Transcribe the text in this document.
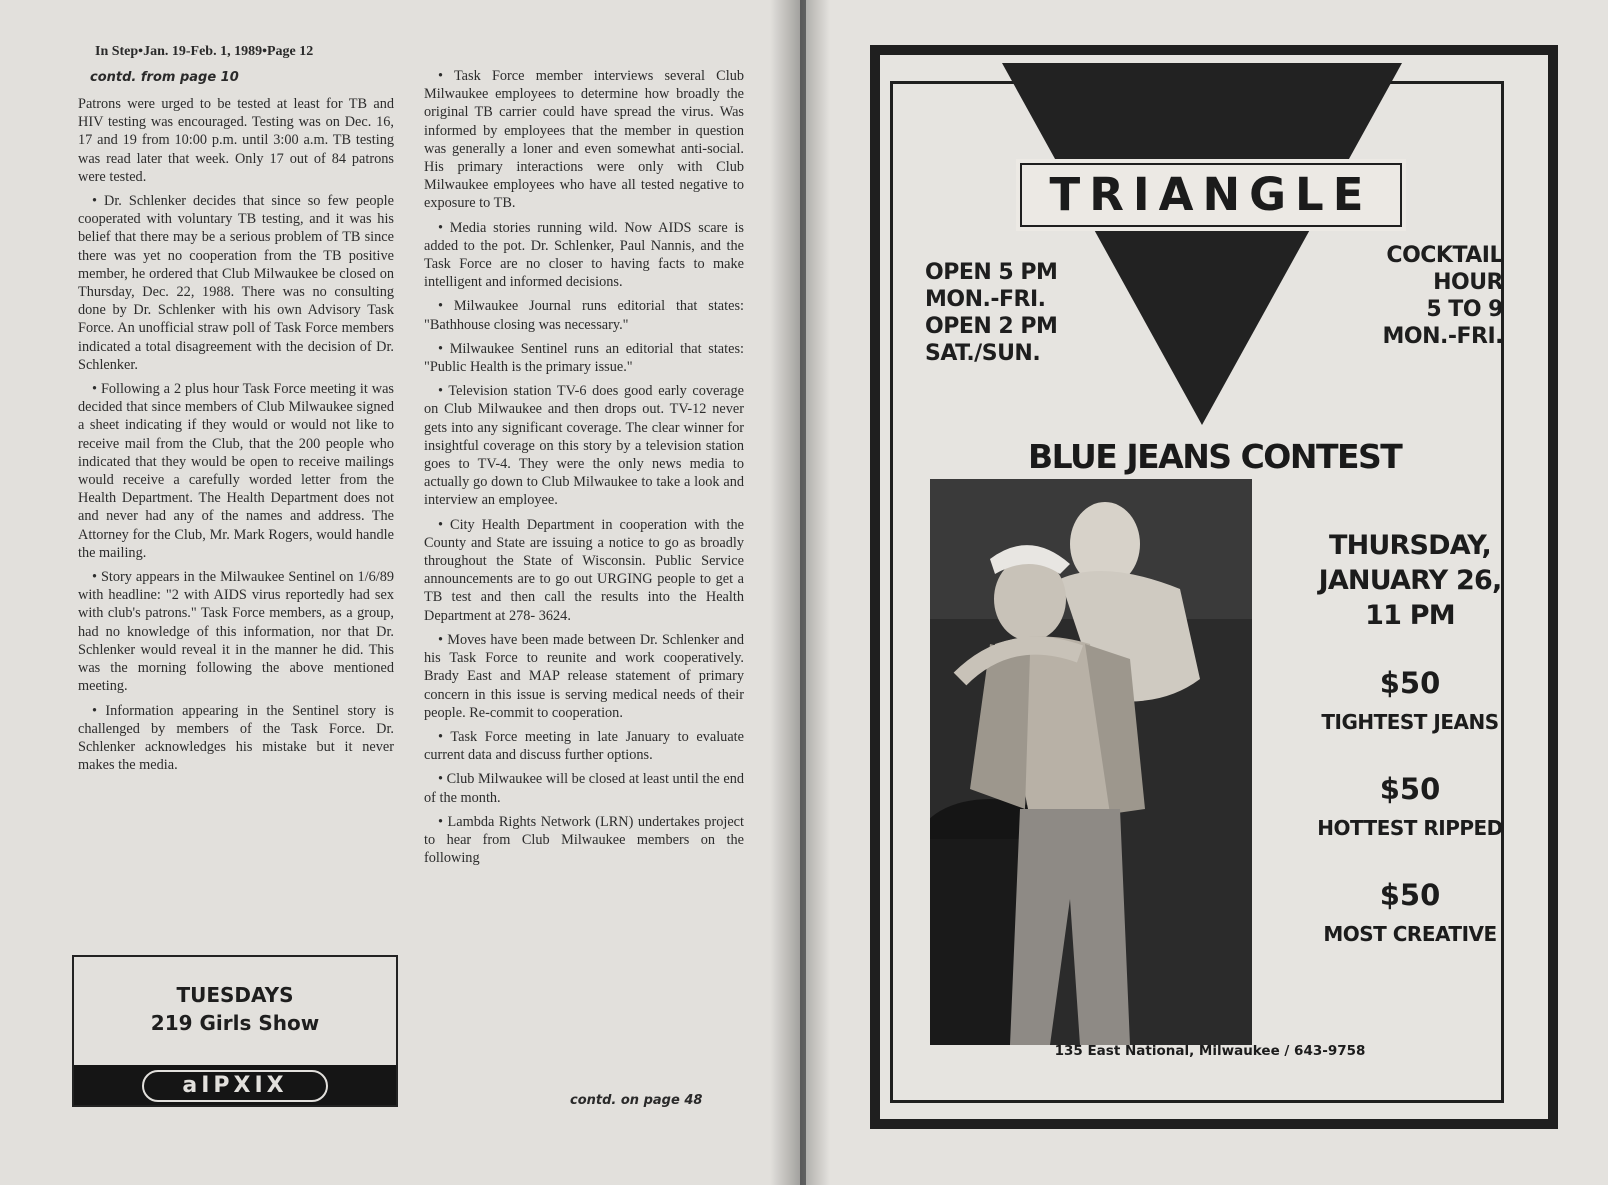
In Step•Jan. 19-Feb. 1, 1989•Page 12
contd. from page 10

Patrons were urged to be tested at least for TB and HIV testing was encouraged. Testing was on Dec. 16, 17 and 19 from 10:00 p.m. until 3:00 a.m. TB testing was read later that week. Only 17 out of 84 patrons were tested.

• Dr. Schlenker decides that since so few people cooperated with voluntary TB testing, and it was his belief that there may be a serious problem of TB since there was yet no cooperation from the TB positive member, he ordered that Club Milwaukee be closed on Thursday, Dec. 22, 1988. There was no consulting done by Dr. Schlenker with his own Advisory Task Force. An unofficial straw poll of Task Force members indicated a total disagreement with the decision of Dr. Schlenker.

• Following a 2 plus hour Task Force meeting it was decided that since members of Club Milwaukee signed a sheet indicating if they would or would not like to receive mail from the Club, that the 200 people who indicated that they would be open to receive mailings would receive a carefully worded letter from the Health Department. The Health Department does not and never had any of the names and address. The Attorney for the Club, Mr. Mark Rogers, would handle the mailing.

• Story appears in the Milwaukee Sentinel on 1/6/89 with headline: "2 with AIDS virus reportedly had sex with club's patrons." Task Force members, as a group, had no knowledge of this information, nor that Dr. Schlenker would reveal it in the manner he did. This was the morning following the above mentioned meeting.

• Information appearing in the Sentinel story is challenged by members of the Task Force. Dr. Schlenker acknowledges his mistake but it never makes the media.

• Task Force member interviews several Club Milwaukee employees to determine how broadly the original TB carrier could have spread the virus. Was informed by employees that the member in question was generally a loner and even somewhat anti-social. His primary interactions were only with Club Milwaukee employees who have all tested negative to exposure to TB.

• Media stories running wild. Now AIDS scare is added to the pot. Dr. Schlenker, Paul Nannis, and the Task Force are no closer to having facts to make intelligent and informed decisions.

• Milwaukee Journal runs editorial that states: "Bathhouse closing was necessary."

• Milwaukee Sentinel runs an editorial that states: "Public Health is the primary issue."

• Television station TV-6 does good early coverage on Club Milwaukee and then drops out. TV-12 never gets into any significant coverage. The clear winner for insightful coverage on this story by a television station goes to TV-4. They were the only news media to actually go down to Club Milwaukee to take a look and interview an employee.

• City Health Department in cooperation with the County and State are issuing a notice to go as broadly throughout the State of Wisconsin. Public Service announcements are to go out URGING people to get a TB test and then call the results into the Health Department at 278- 3624.

• Moves have been made between Dr. Schlenker and his Task Force to reunite and work cooperatively. Brady East and MAP release statement of primary concern in this issue is serving medical needs of their people. Re-commit to cooperation.

• Task Force meeting in late January to evaluate current data and discuss further options.

• Club Milwaukee will be closed at least until the end of the month.

• Lambda Rights Network (LRN) undertakes project to hear from Club Milwaukee members on the following

contd. on page 48
TUESDAYS
219 Girls Show
aIPXIX
TRIANGLE
OPEN 5 PM
MON.-FRI.
OPEN 2 PM
SAT./SUN.
COCKTAIL
HOUR
5 TO 9
MON.-FRI.
BLUE JEANS CONTEST
THURSDAY,
JANUARY 26,
11 PM
$50
TIGHTEST JEANS
$50
HOTTEST RIPPED
$50
MOST CREATIVE
135 East National, Milwaukee / 643-9758
